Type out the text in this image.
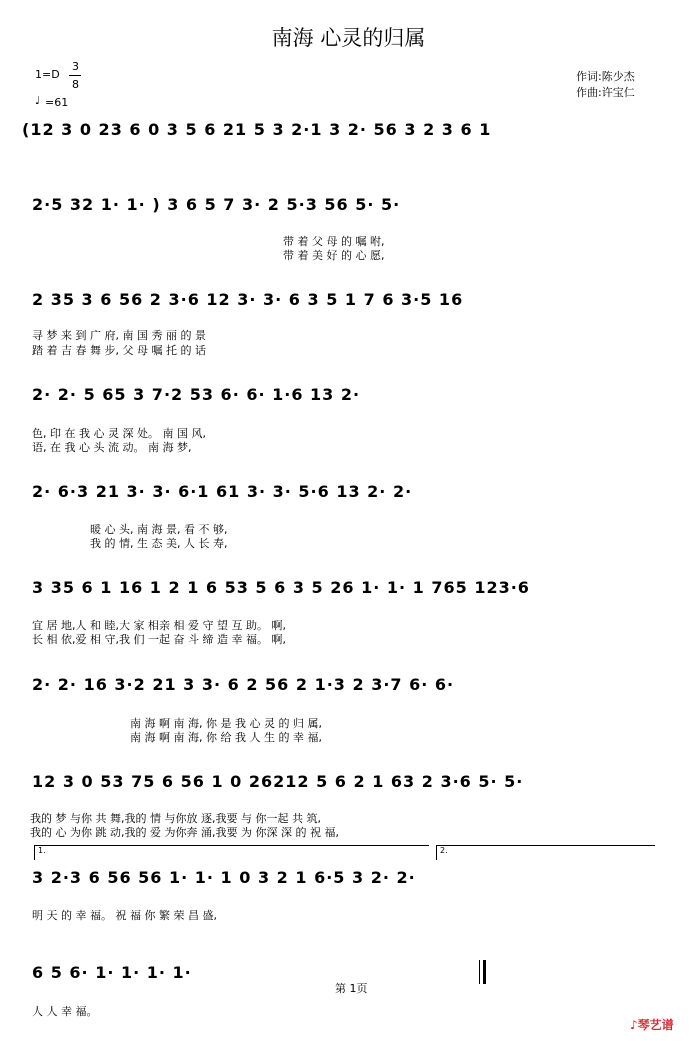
南海 心灵的归属
1=D
3
8
♩ =61
作词:陈少杰
作曲:许宝仁
(12 3 0 23 6 0 3 5 6 21 5 3 2·1 3 2· 56 3 2 3 6 1
2·5 32 1· 1· ) 3 6 5 7 3· 2 5·3 56 5· 5·
带 着 父 母 的 嘱 咐,
带 着 美 好 的 心 愿,
2 35 3 6 56 2 3·6 12 3· 3· 6 3 5 1 7 6 3·5 16
寻 梦 来 到 广 府, 南 国 秀 丽 的 景
踏 着 吉 春 舞 步, 父 母 嘱 托 的 话
2· 2· 5 65 3 7·2 53 6· 6· 1·6 13 2·
色, 印 在 我 心 灵 深 处。 南 国 风,
语, 在 我 心 头 流 动。 南 海 梦,
2· 6·3 21 3· 3· 6·1 61 3· 3· 5·6 13 2· 2·
暖 心 头, 南 海 景, 看 不 够,
我 的 情, 生 态 美, 人 长 寿,
3 35 6 1 16 1 2 1 6 53 5 6 3 5 26 1· 1· 1 765 123·6
宜 居 地,人 和 睦,大 家 相亲 相 爱 守 望 互 助。 啊,
长 相 依,爱 相 守,我 们 一起 奋 斗 缔 造 幸 福。 啊,
2· 2· 16 3·2 21 3 3· 6 2 56 2 1·3 2 3·7 6· 6·
南 海 啊 南 海, 你 是 我 心 灵 的 归 属,
南 海 啊 南 海, 你 给 我 人 生 的 幸 福,
12 3 0 53 75 6 56 1 0 26212 5 6 2 1 63 2 3·6 5· 5·
我的 梦 与你 共 舞,我的 情 与你放 逐,我要 与 你一起 共 筑,
我的 心 为你 跳 动,我的 爱 为你奔 涌,我要 为 你深 深 的 祝 福,
1.	2.
3 2·3 6 56 56 1· 1· 1 0 3 2 1 6·5 3 2· 2·
明 天 的 幸 福。 祝 福 你 繁 荣 昌 盛,
6 5 6· 1· 1· 1· 1·
人 人 幸 福。
第 1页
♪琴艺谱
